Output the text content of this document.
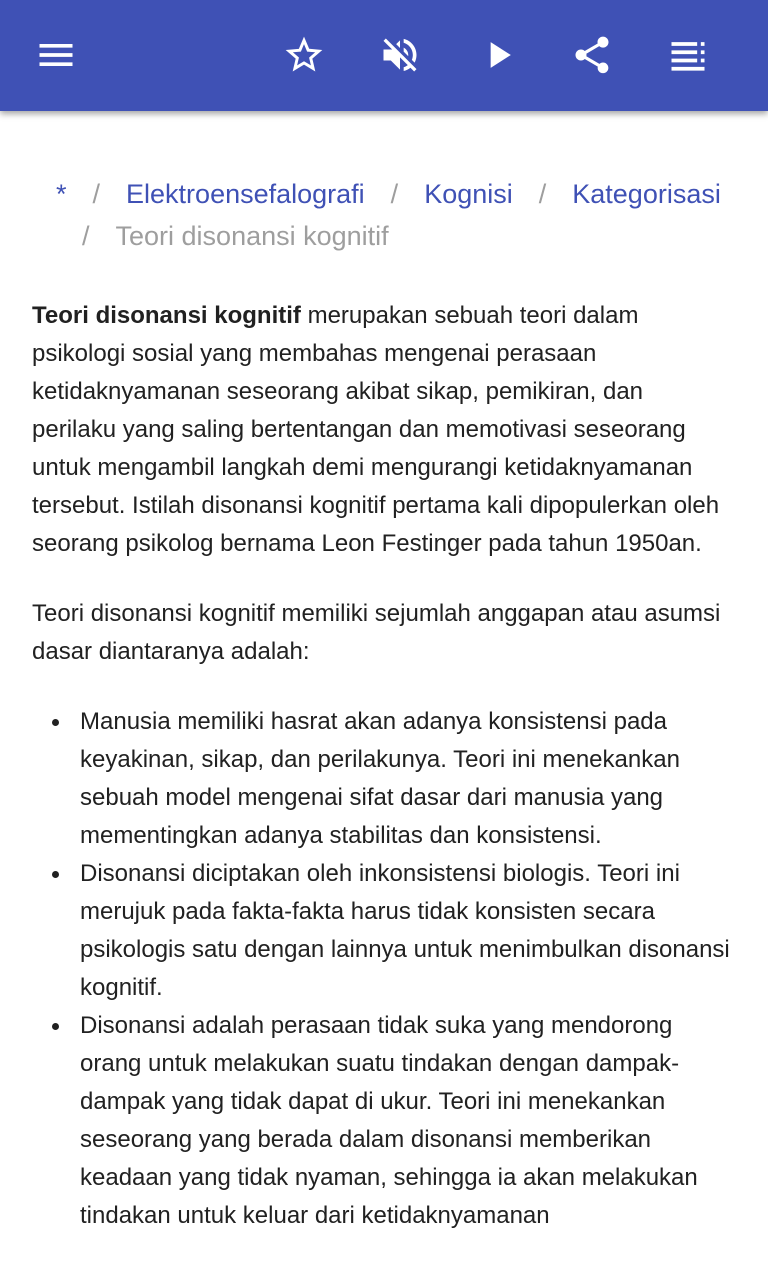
* / Elektroensefalografi / Kognisi / Kategorisasi/ Teori disonansi kognitif

Teori disonansi kognitif merupakan sebuah teori dalam psikologi sosial yang membahas mengenai perasaan ketidaknyamanan seseorang akibat sikap, pemikiran, dan perilaku yang saling bertentangan dan memotivasi seseorang untuk mengambil langkah demi mengurangi ketidaknyamanan tersebut. Istilah disonansi kognitif pertama kali dipopulerkan oleh seorang psikolog bernama Leon Festinger pada tahun 1950an.

Teori disonansi kognitif memiliki sejumlah anggapan atau asumsi dasar diantaranya adalah:

Manusia memiliki hasrat akan adanya konsistensi pada keyakinan, sikap, dan perilakunya. Teori ini menekankan sebuah model mengenai sifat dasar dari manusia yang mementingkan adanya stabilitas dan konsistensi.
Disonansi diciptakan oleh inkonsistensi biologis. Teori ini merujuk pada fakta-fakta harus tidak konsisten secara psikologis satu dengan lainnya untuk menimbulkan disonansi kognitif.
Disonansi adalah perasaan tidak suka yang mendorong orang untuk melakukan suatu tindakan dengan dampak-dampak yang tidak dapat di ukur. Teori ini menekankan seseorang yang berada dalam disonansi memberikan keadaan yang tidak nyaman, sehingga ia akan melakukan tindakan untuk keluar dari ketidaknyamanan
